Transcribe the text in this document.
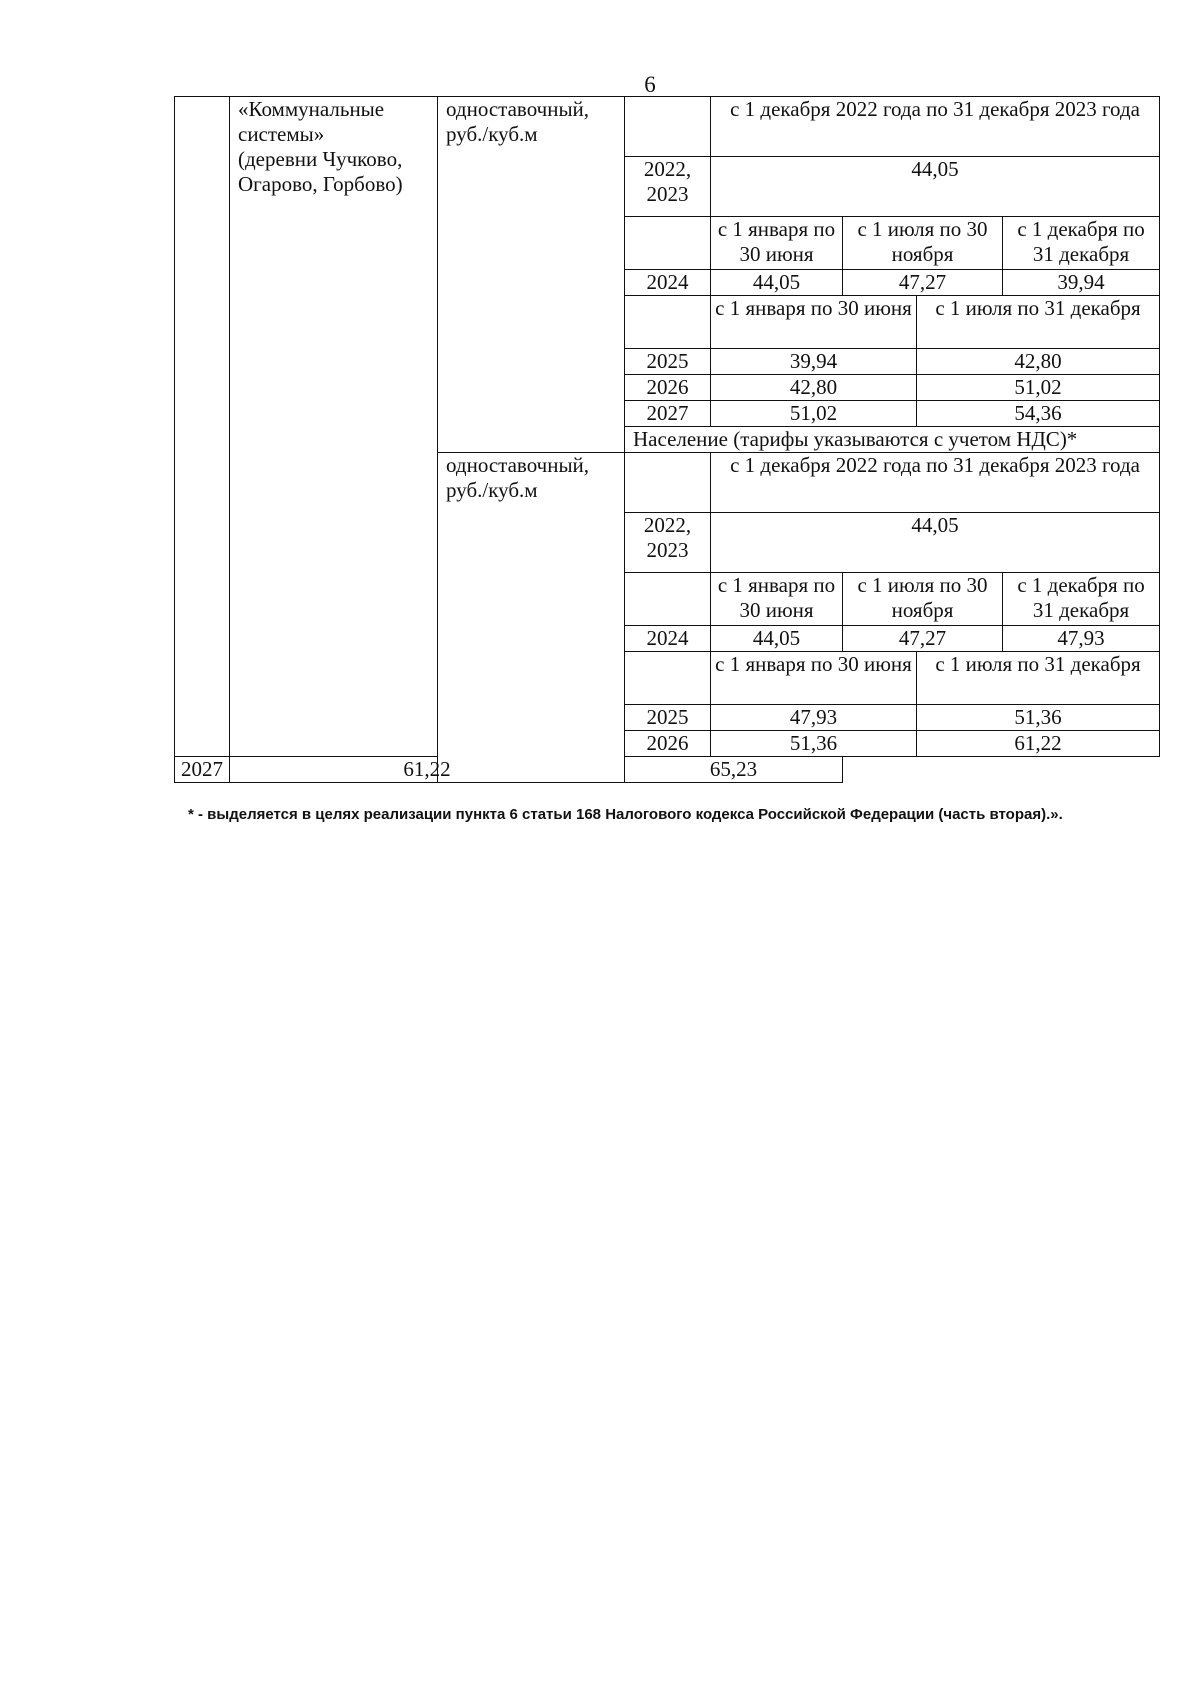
6

	«Коммунальные системы»
(деревни Чучково, Огарово, Горбово)	одноставочный, руб./куб.м		с 1 декабря 2022 года по 31 декабря 2023 года			
			2022, 2023	44,05			
				с 1 января по 30 июня	с 1 июля по 30 ноября		с 1 декабря по 31 декабря
			2024	44,05	47,27		39,94
				с 1 января по 30 июня		с 1 июля по 31 декабря	
			2025	39,94		42,80	
			2026	42,80		51,02	
			2027	51,02		54,36	
			Население (тарифы указываются с учетом НДС)*				
		одноставочный, руб./куб.м		с 1 декабря 2022 года по 31 декабря 2023 года			
			2022, 2023	44,05			
				с 1 января по 30 июня	с 1 июля по 30 ноября		с 1 декабря по 31 декабря
			2024	44,05	47,27		47,93
				с 1 января по 30 июня		с 1 июля по 31 декабря	
			2025	47,93		51,36	
			2026	51,36		61,22	
2027	61,22		65,23				
* - выделяется в целях реализации пункта 6 статьи 168 Налогового кодекса Российской Федерации (часть вторая).».
